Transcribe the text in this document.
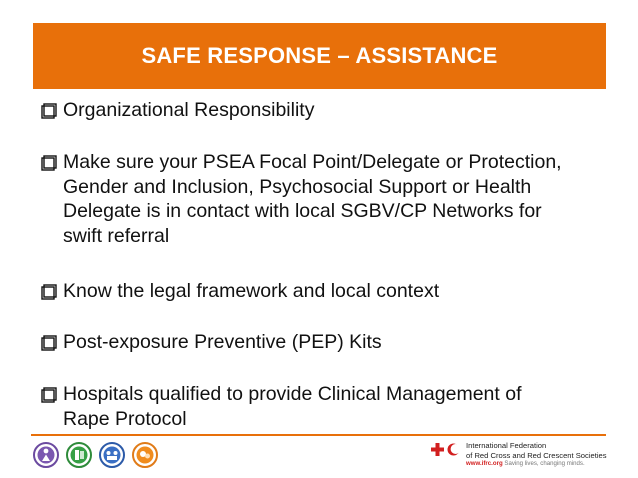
SAFE RESPONSE – ASSISTANCE
Organizational Responsibility
Make sure your PSEA Focal Point/Delegate or Protection,
Gender and Inclusion, Psychosocial Support or Health
Delegate is in contact with local SGBV/CP Networks for
swift referral
Know the legal framework and local context
Post-exposure Preventive (PEP) Kits
Hospitals qualified to provide Clinical Management of
Rape Protocol
International Federation
of Red Cross and Red Crescent Societies
www.ifrc.org Saving lives, changing minds.
